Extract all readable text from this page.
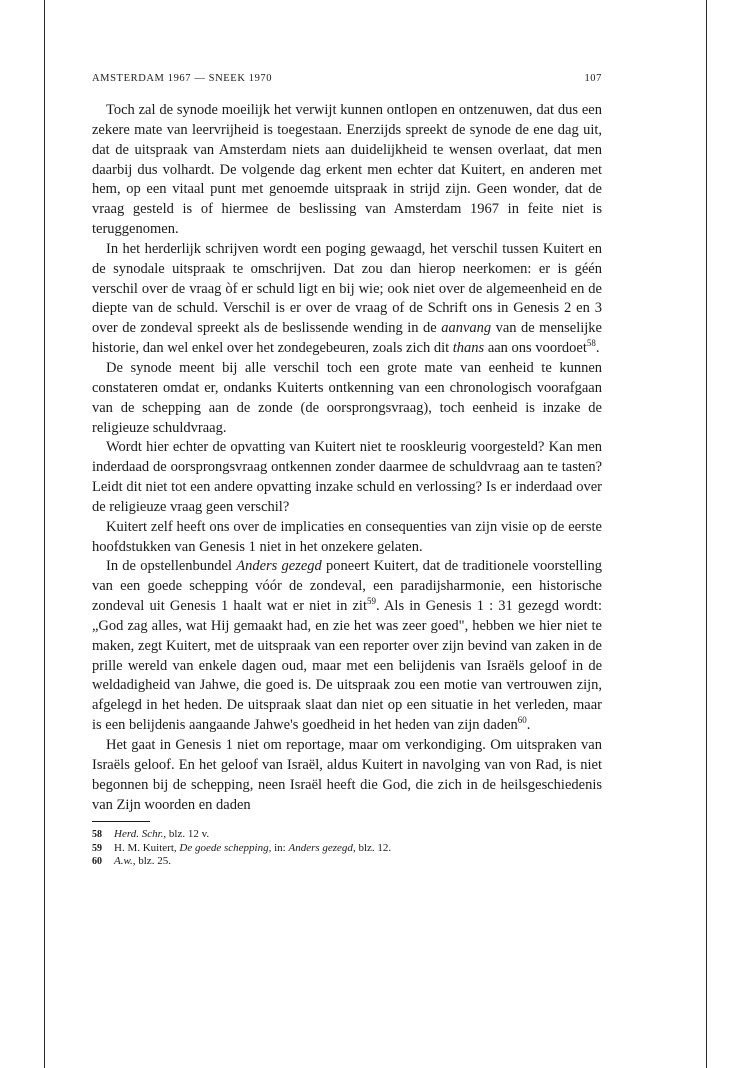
AMSTERDAM 1967 — SNEEK 1970	107

Toch zal de synode moeilijk het verwijt kunnen ontlopen en ontzenuwen, dat dus een zekere mate van leervrijheid is toegestaan. Enerzijds spreekt de synode de ene dag uit, dat de uitspraak van Amsterdam niets aan duidelijkheid te wensen overlaat, dat men daarbij dus volhardt. De volgende dag erkent men echter dat Kuitert, en anderen met hem, op een vitaal punt met genoemde uitspraak in strijd zijn. Geen wonder, dat de vraag gesteld is of hiermee de beslissing van Amsterdam 1967 in feite niet is teruggenomen.

In het herderlijk schrijven wordt een poging gewaagd, het verschil tussen Kuitert en de synodale uitspraak te omschrijven. Dat zou dan hierop neerkomen: er is géén verschil over de vraag òf er schuld ligt en bij wie; ook niet over de algemeenheid en de diepte van de schuld. Verschil is er over de vraag of de Schrift ons in Genesis 2 en 3 over de zondeval spreekt als de beslissende wending in de aanvang van de menselijke historie, dan wel enkel over het zondegebeuren, zoals zich dit thans aan ons voordoet$^{58}$.

De synode meent bij alle verschil toch een grote mate van eenheid te kunnen constateren omdat er, ondanks Kuiterts ontkenning van een chronologisch voorafgaan van de schepping aan de zonde (de oorsprongsvraag), toch eenheid is inzake de religieuze schuldvraag.

Wordt hier echter de opvatting van Kuitert niet te rooskleurig voorgesteld? Kan men inderdaad de oorsprongsvraag ontkennen zonder daarmee de schuldvraag aan te tasten? Leidt dit niet tot een andere opvatting inzake schuld en verlossing? Is er inderdaad over de religieuze vraag geen verschil?

Kuitert zelf heeft ons over de implicaties en consequenties van zijn visie op de eerste hoofdstukken van Genesis 1 niet in het onzekere gelaten.

In de opstellenbundel Anders gezegd poneert Kuitert, dat de traditionele voorstelling van een goede schepping vóór de zondeval, een paradijsharmonie, een historische zondeval uit Genesis 1 haalt wat er niet in zit$^{59}$. Als in Genesis 1 : 31 gezegd wordt: „God zag alles, wat Hij gemaakt had, en zie het was zeer goed", hebben we hier niet te maken, zegt Kuitert, met de uitspraak van een reporter over zijn bevind van zaken in de prille wereld van enkele dagen oud, maar met een belijdenis van Israëls geloof in de weldadigheid van Jahwe, die goed is. De uitspraak zou een motie van vertrouwen zijn, afgelegd in het heden. De uitspraak slaat dan niet op een situatie in het verleden, maar is een belijdenis aangaande Jahwe's goedheid in het heden van zijn daden$^{60}$.

Het gaat in Genesis 1 niet om reportage, maar om verkondiging. Om uitspraken van Israëls geloof. En het geloof van Israël, aldus Kuitert in navolging van von Rad, is niet begonnen bij de schepping, neen Israël heeft die God, die zich in de heilsgeschiedenis van Zijn woorden en daden

58	Herd. Schr., blz. 12 v.
59	H. M. Kuitert, De goede schepping, in: Anders gezegd, blz. 12.
60	A.w., blz. 25.
